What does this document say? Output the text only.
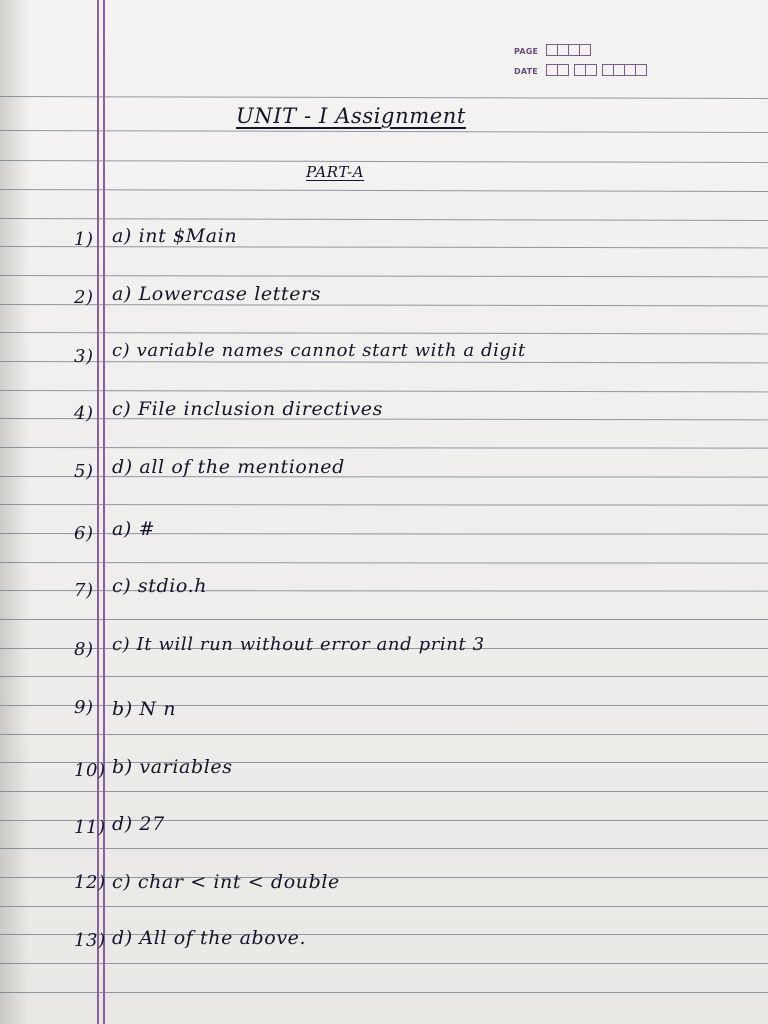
PAGE
DATE
UNIT - I Assignment
PART-A
1) a) int $Main
2) a) Lowercase letters
3) c) variable names cannot start with a digit
4) c) File inclusion directives
5) d) all of the mentioned
6) a) #
7) c) stdio.h
8) c) It will run without error and print 3
9) b) N n
10) b) variables
11) d) 27
12) c) char < int < double
13) d) All of the above.
